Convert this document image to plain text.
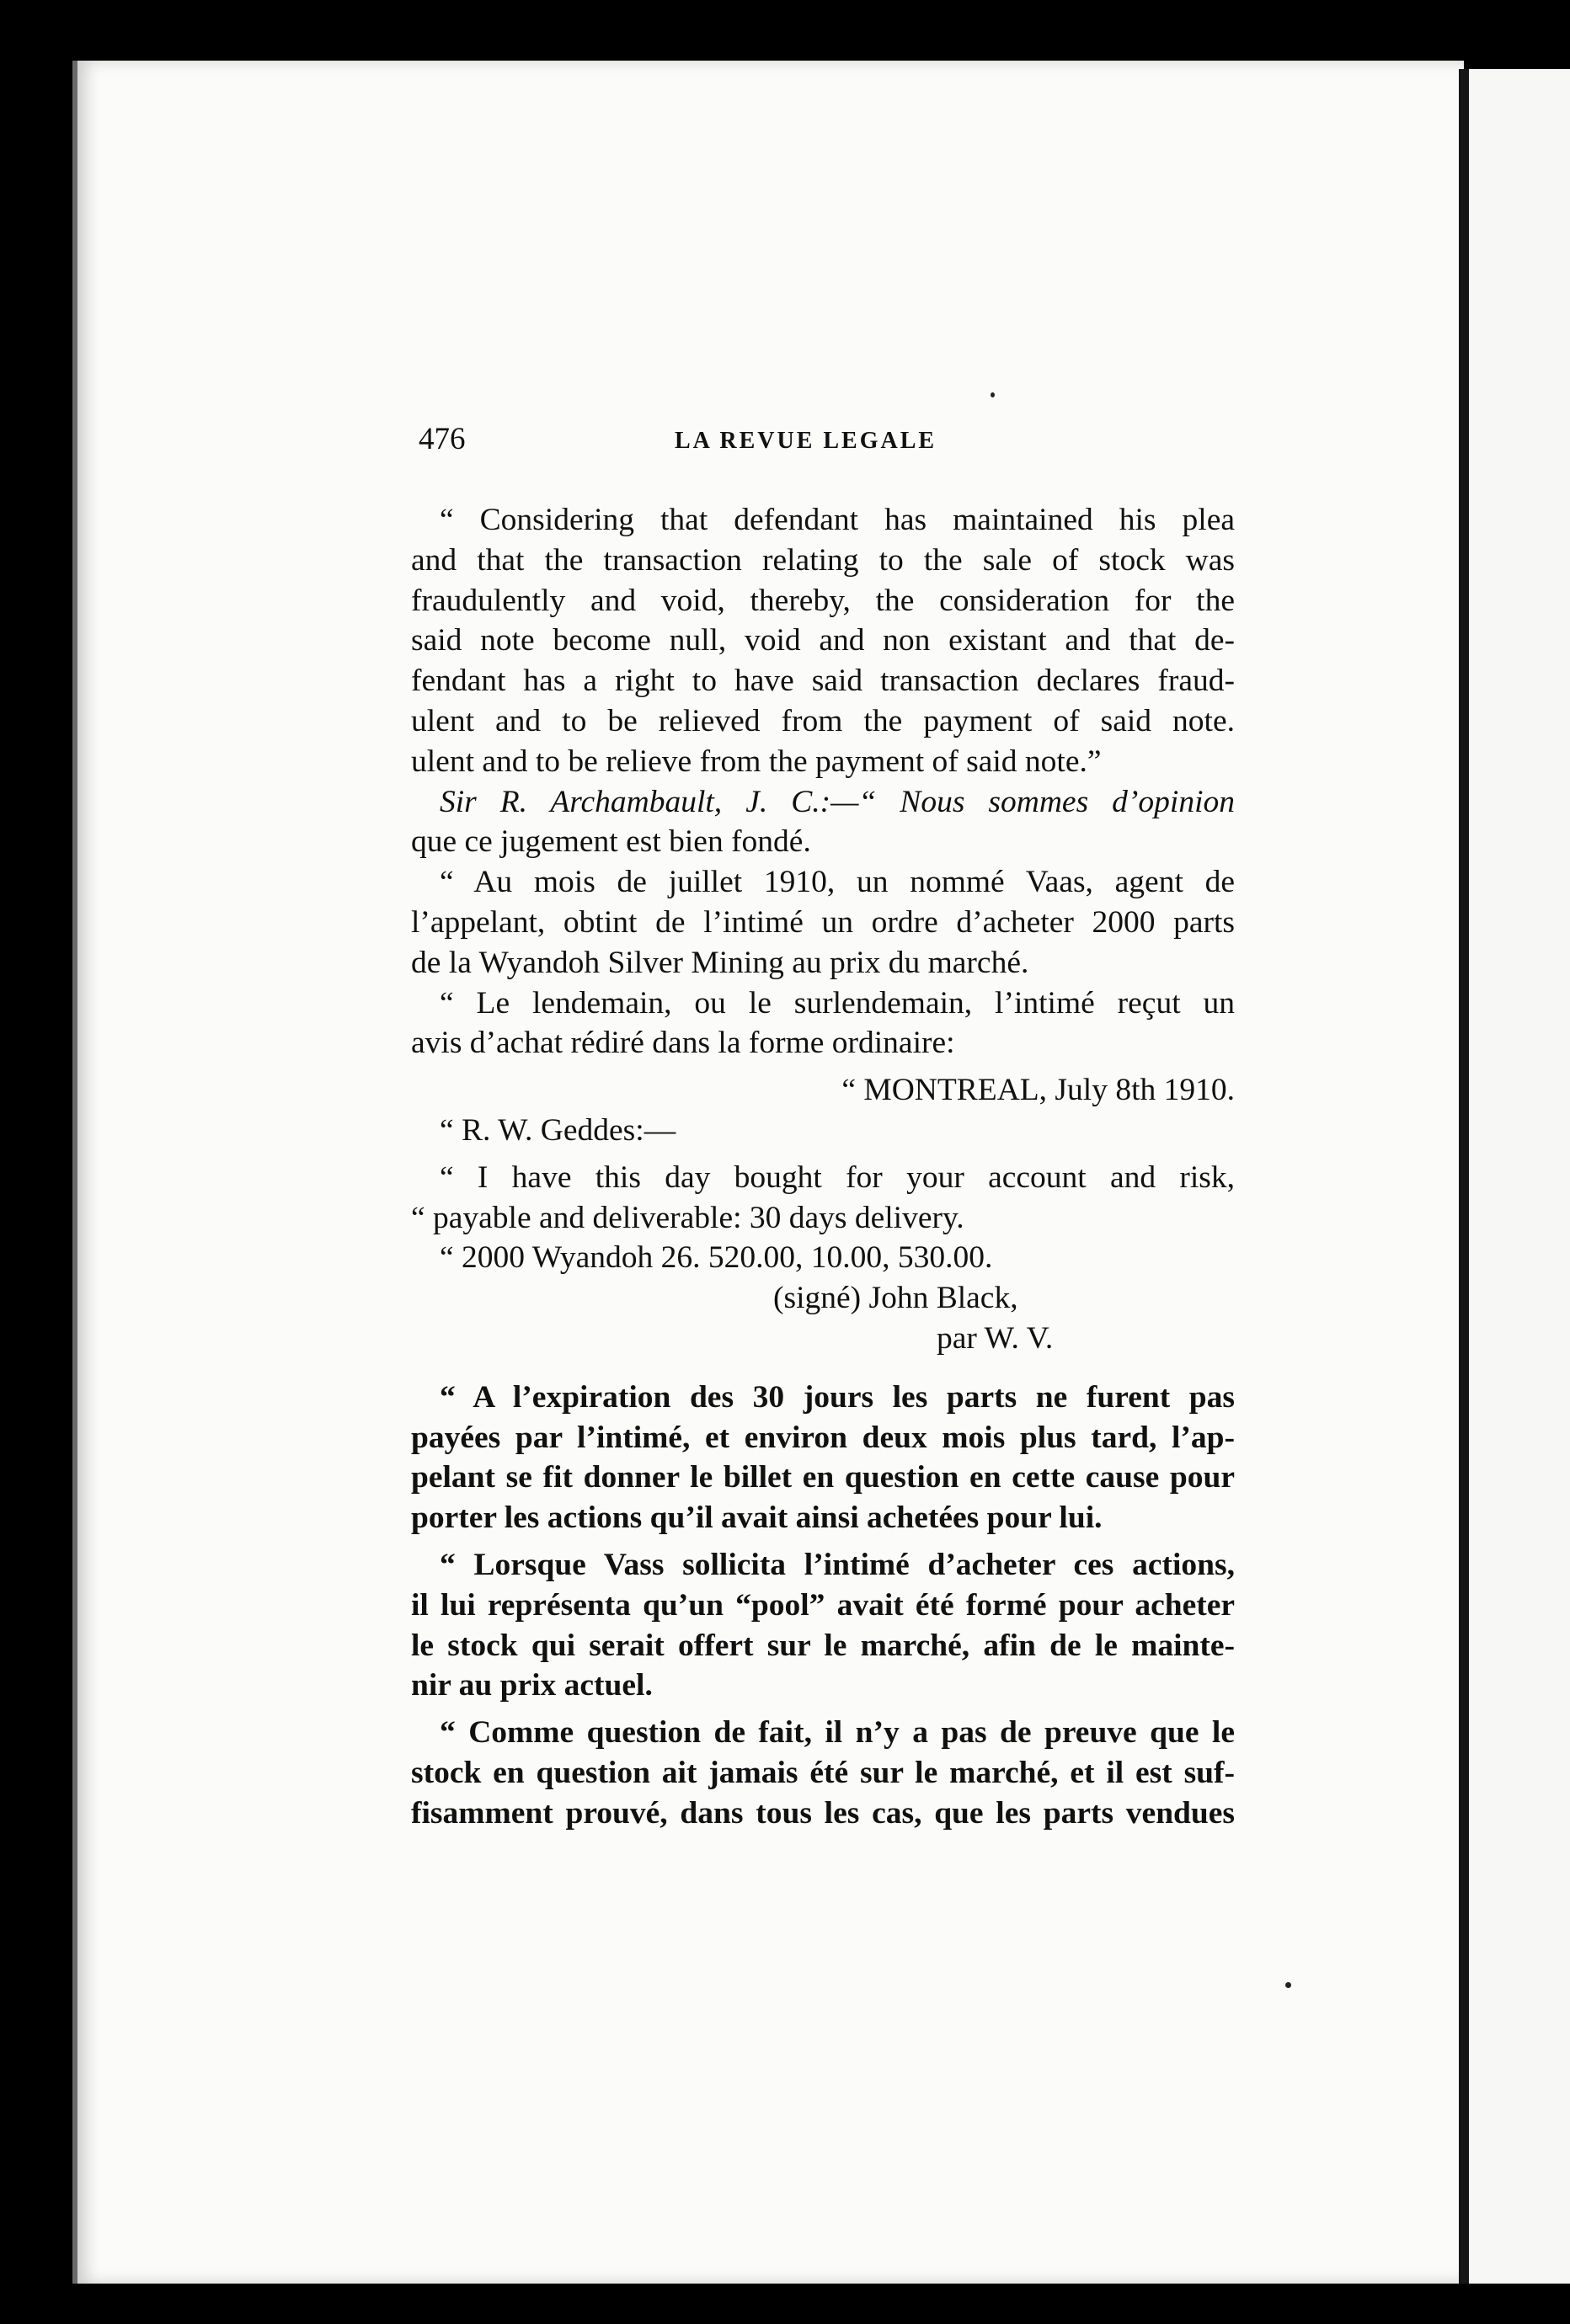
476	LA REVUE LEGALE
“ Considering that defendant has maintained his plea
and that the transaction relating to the sale of stock was
fraudulently and void, thereby, the consideration for the
said note become null, void and non existant and that de-
fendant has a right to have said transaction declares fraud-
ulent and to be relieved from the payment of said note.
ulent and to be relieve from the payment of said note.”
Sir R. Archambault, J. C.:—“ Nous sommes d’opinion
que ce jugement est bien fondé.
“ Au mois de juillet 1910, un nommé Vaas, agent de
l’appelant, obtint de l’intimé un ordre d’acheter 2000 parts
de la Wyandoh Silver Mining au prix du marché.
“ Le lendemain, ou le surlendemain, l’intimé reçut un
avis d’achat rédiré dans la forme ordinaire:
“ MONTREAL, July 8th 1910.
“ R. W. Geddes:—
“ I have this day bought for your account and risk,
“ payable and deliverable: 30 days delivery.
“ 2000 Wyandoh 26. 520.00, 10.00, 530.00.
(signé) John Black,
par W. V.
“ A l’expiration des 30 jours les parts ne furent pas
payées par l’intimé, et environ deux mois plus tard, l’ap-
pelant se fit donner le billet en question en cette cause pour
porter les actions qu’il avait ainsi achetées pour lui.
“ Lorsque Vass sollicita l’intimé d’acheter ces actions,
il lui représenta qu’un “pool” avait été formé pour acheter
le stock qui serait offert sur le marché, afin de le mainte-
nir au prix actuel.
“ Comme question de fait, il n’y a pas de preuve que le
stock en question ait jamais été sur le marché, et il est suf-
fisamment prouvé, dans tous les cas, que les parts vendues
